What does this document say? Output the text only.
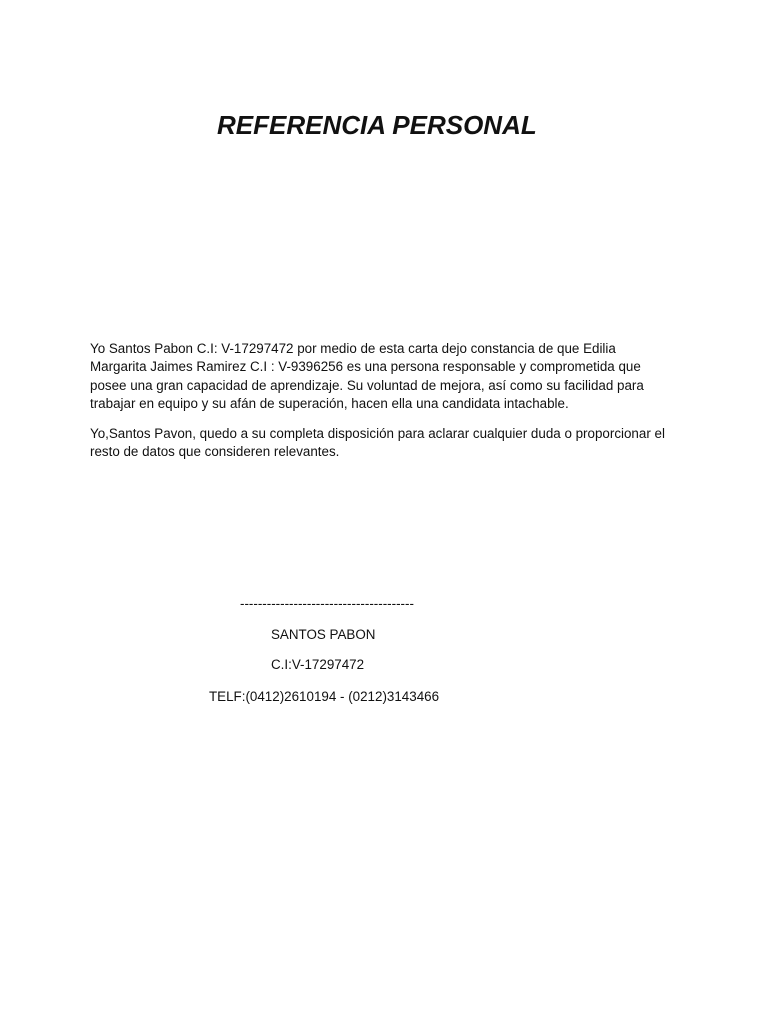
REFERENCIA PERSONAL

Yo Santos Pabon C.I: V-17297472 por medio de esta carta dejo constancia de que Edilia
Margarita Jaimes Ramirez C.I : V-9396256 es una persona responsable y comprometida que
posee una gran capacidad de aprendizaje. Su voluntad de mejora, así como su facilidad para
trabajar en equipo y su afán de superación, hacen ella una candidata intachable.

Yo,Santos Pavon, quedo a su completa disposición para aclarar cualquier duda o proporcionar el
resto de datos que consideren relevantes.

---------------------------------------

SANTOS PABON

C.I:V-17297472

TELF:(0412)2610194 - (0212)3143466
